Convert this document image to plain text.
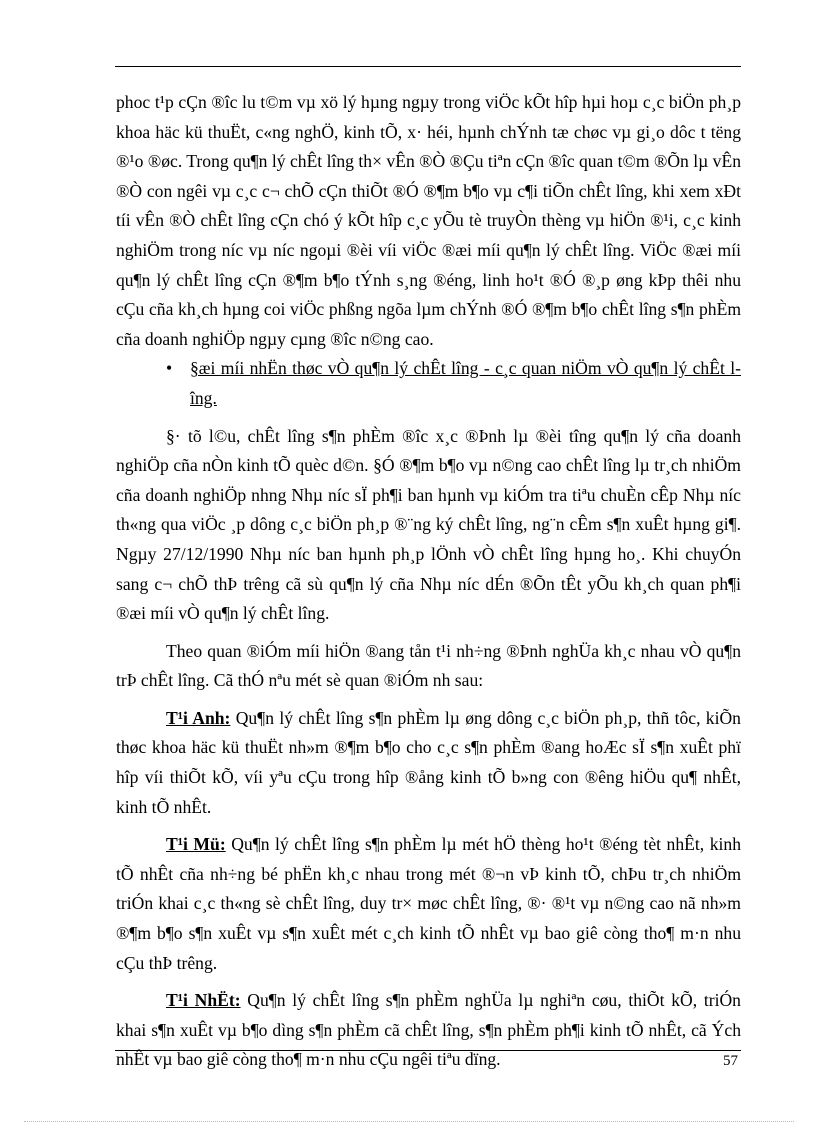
phoc t¹p cÇn ®îc lu t©m vµ xö lý hµng ngµy trong viÖc kÕt hîp hµi hoµ c¸c biÖn ph¸p khoa häc kü thuËt, c«ng nghÖ, kinh tÕ, x· héi, hµnh chÝnh tæ chøc vµ gi¸o dôc t tëng ®¹o ®øc. Trong qu¶n lý chÊt lîng th× vÊn ®Ò ®Çu tiªn cÇn ®îc quan t©m ®Õn lµ vÊn ®Ò con ngêi vµ c¸c c¬ chÕ cÇn thiÕt ®Ó ®¶m b¶o vµ c¶i tiÕn chÊt lîng, khi xem xÐt tíi vÊn ®Ò chÊt lîng cÇn chó ý kÕt hîp c¸c yÕu tè truyÒn thèng vµ hiÖn ®¹i, c¸c kinh nghiÖm trong níc vµ níc ngoµi ®èi víi viÖc ®æi míi qu¶n lý chÊt lîng. ViÖc ®æi míi qu¶n lý chÊt lîng cÇn ®¶m b¶o tÝnh s¸ng ®éng, linh ho¹t ®Ó ®¸p øng kÞp thêi nhu cÇu cña kh¸ch hµng coi viÖc phßng ngõa lµm chÝnh ®Ó ®¶m b¶o chÊt lîng s¶n phÈm cña doanh nghiÖp ngµy cµng ®îc n©ng cao.

• §æi míi nhËn thøc vÒ qu¶n lý chÊt lîng - c¸c quan niÖm vÒ qu¶n lý chÊt lîng.

§· tõ l©u, chÊt lîng s¶n phÈm ®îc x¸c ®Þnh lµ ®èi tîng qu¶n lý cña doanh nghiÖp cña nÒn kinh tÕ quèc d©n. §Ó ®¶m b¶o vµ n©ng cao chÊt lîng lµ tr¸ch nhiÖm cña doanh nghiÖp nhng Nhµ níc sÏ ph¶i ban hµnh vµ kiÓm tra tiªu chuÈn cÊp Nhµ níc th«ng qua viÖc ¸p dông c¸c biÖn ph¸p ®¨ng ký chÊt lîng, ng¨n cÊm s¶n xuÊt hµng gi¶. Ngµy 27/12/1990 Nhµ níc ban hµnh ph¸p lÖnh vÒ chÊt lîng hµng ho¸. Khi chuyÓn sang c¬ chÕ thÞ trêng cã sù qu¶n lý cña Nhµ níc dÉn ®Õn tÊt yÕu kh¸ch quan ph¶i ®æi míi vÒ qu¶n lý chÊt lîng.

Theo quan ®iÓm míi hiÖn ®ang tån t¹i nh÷ng ®Þnh nghÜa kh¸c nhau vÒ qu¶n trÞ chÊt lîng. Cã thÓ nªu mét sè quan ®iÓm nh sau:

T¹i Anh: Qu¶n lý chÊt lîng s¶n phÈm lµ øng dông c¸c biÖn ph¸p, thñ tôc, kiÕn thøc khoa häc kü thuËt nh»m ®¶m b¶o cho c¸c s¶n phÈm ®ang hoÆc sÏ s¶n xuÊt phï hîp víi thiÕt kÕ, víi yªu cÇu trong hîp ®ång kinh tÕ b»ng con ®êng hiÖu qu¶ nhÊt, kinh tÕ nhÊt.

T¹i Mü: Qu¶n lý chÊt lîng s¶n phÈm lµ mét hÖ thèng ho¹t ®éng tèt nhÊt, kinh tÕ nhÊt cña nh÷ng bé phËn kh¸c nhau trong mét ®¬n vÞ kinh tÕ, chÞu tr¸ch nhiÖm triÓn khai c¸c th«ng sè chÊt lîng, duy tr× møc chÊt lîng, ®· ®¹t vµ n©ng cao nã nh»m ®¶m b¶o s¶n xuÊt vµ s¶n xuÊt mét c¸ch kinh tÕ nhÊt vµ bao giê còng tho¶ m·n nhu cÇu thÞ trêng.

T¹i NhËt: Qu¶n lý chÊt lîng s¶n phÈm nghÜa lµ nghiªn cøu, thiÕt kÕ, triÓn khai s¶n xuÊt vµ b¶o dìng s¶n phÈm cã chÊt lîng, s¶n phÈm ph¶i kinh tÕ nhÊt, cã Ých nhÊt vµ bao giê còng tho¶ m·n nhu cÇu ngêi tiªu dïng.	57
